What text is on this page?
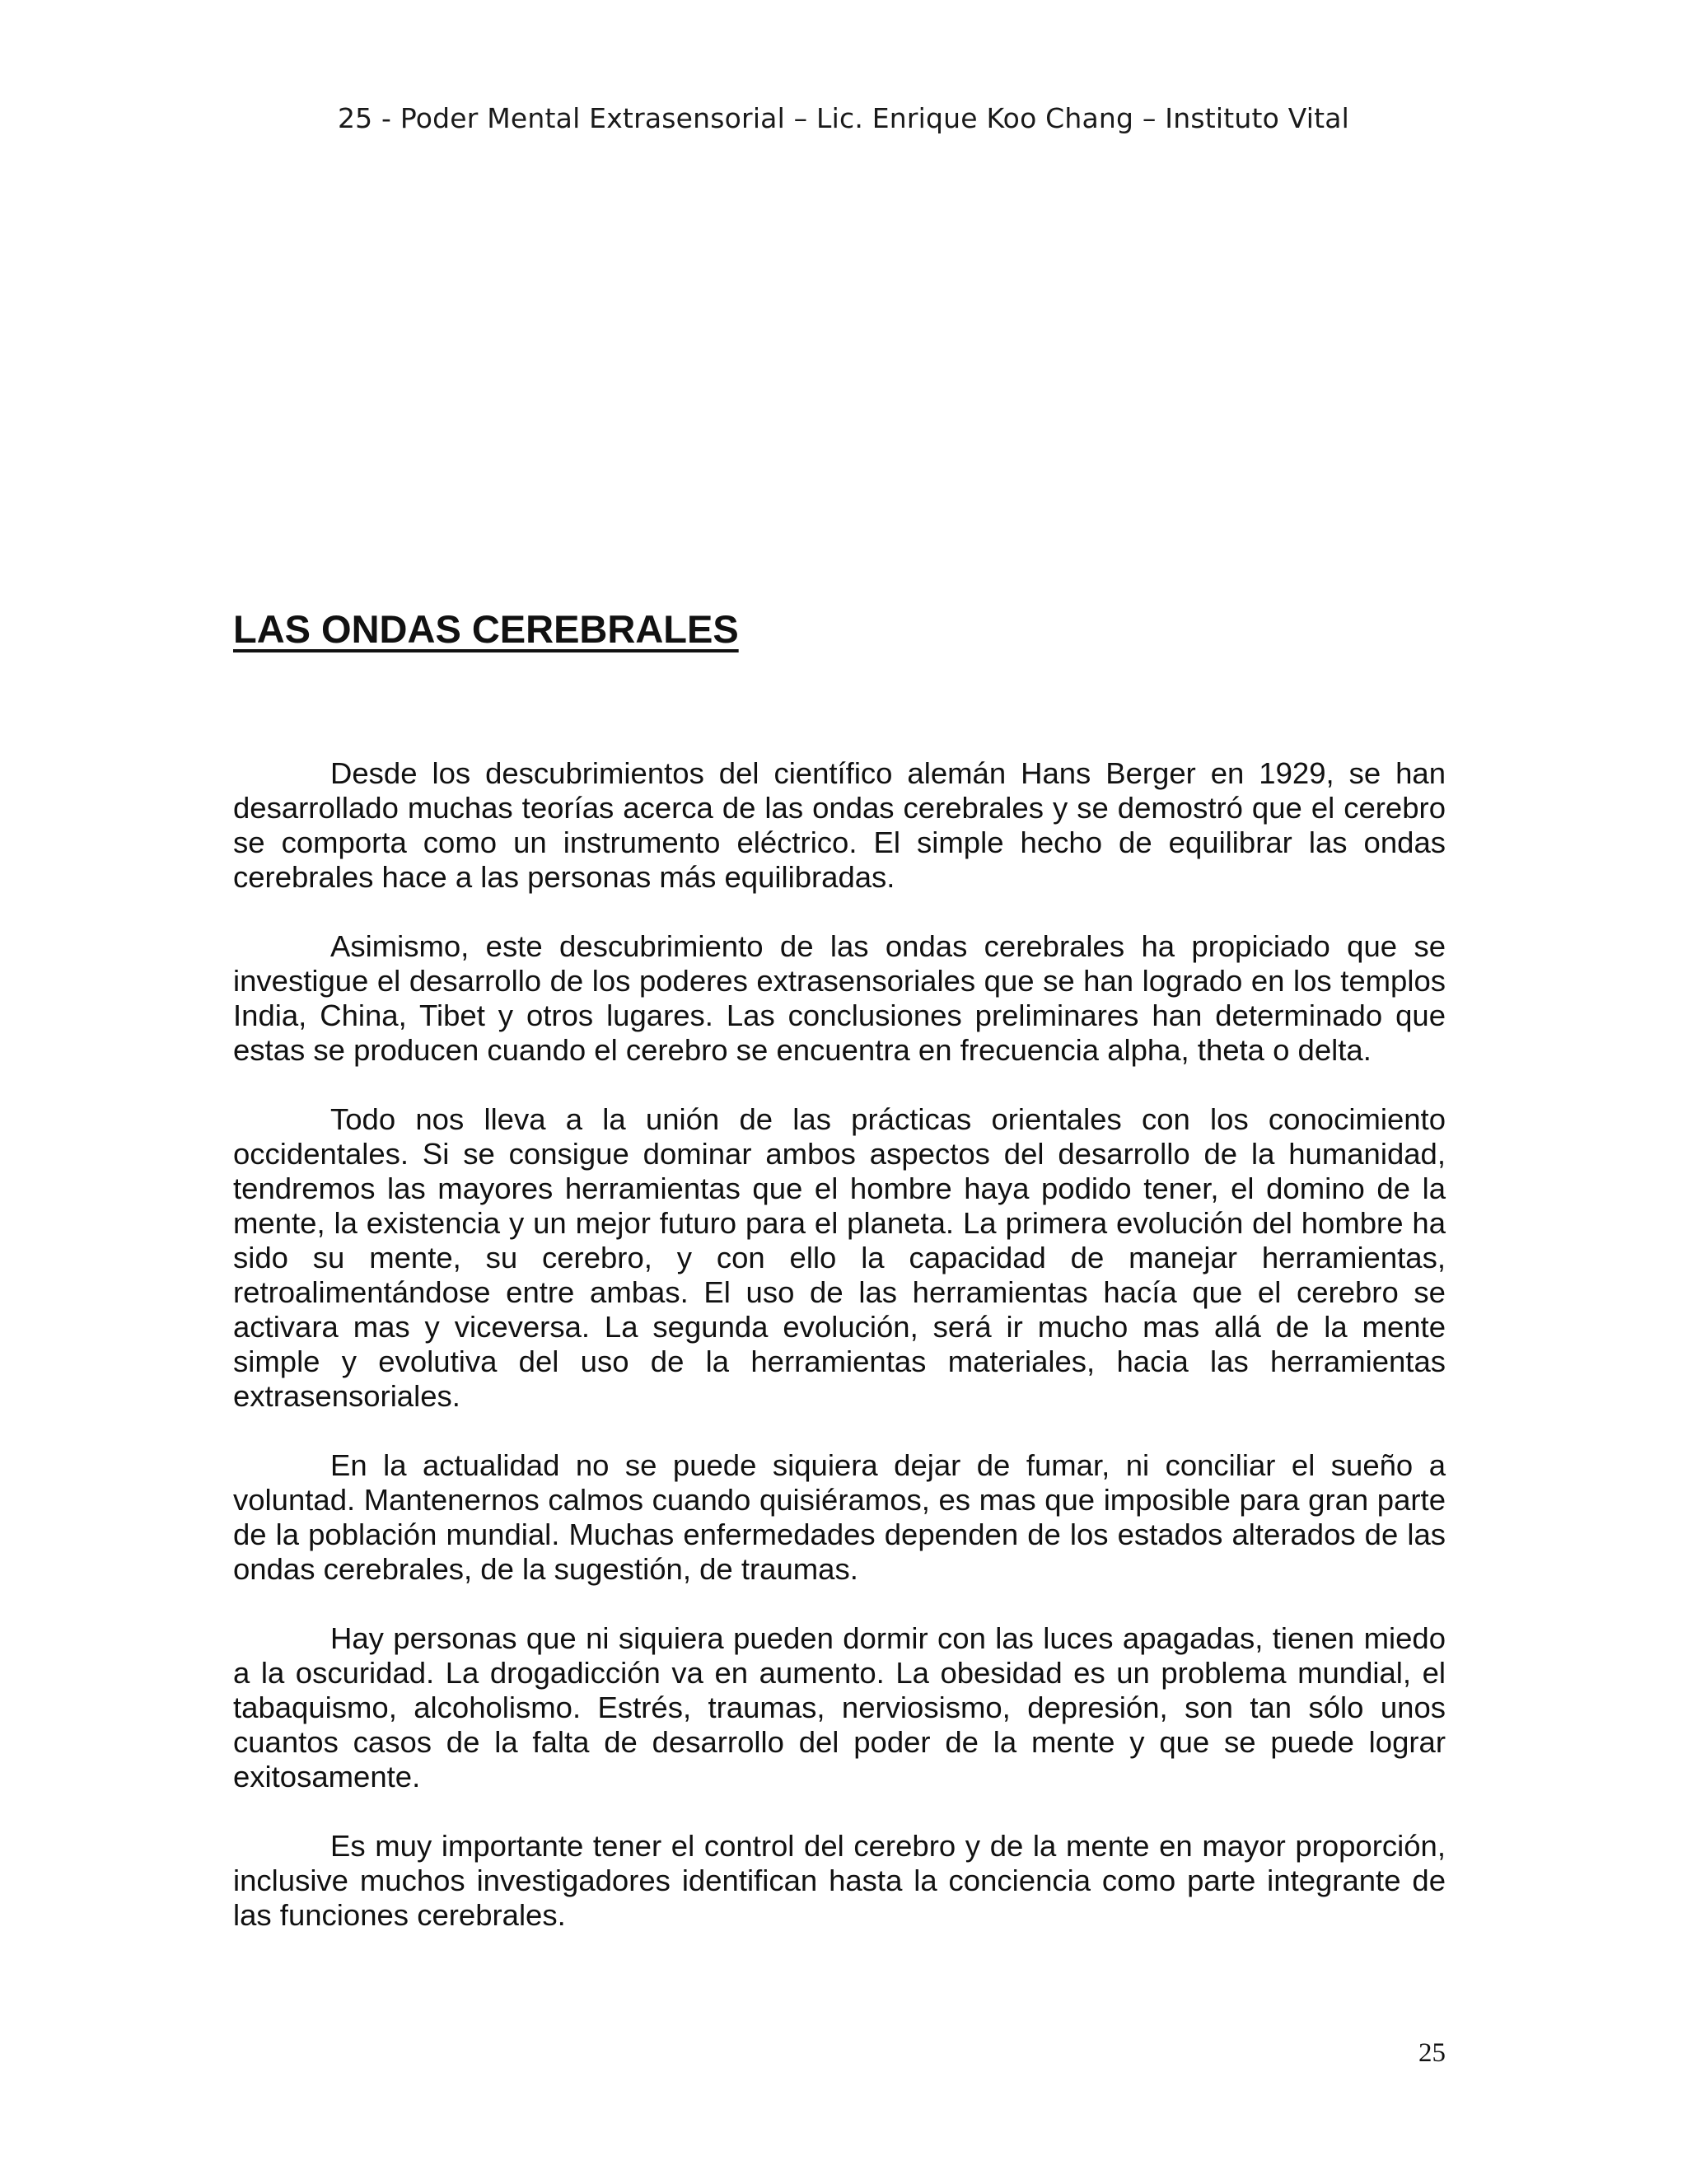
25 - Poder Mental Extrasensorial – Lic. Enrique Koo Chang – Instituto Vital
LAS ONDAS CEREBRALES

Desde los descubrimientos del científico alemán Hans Berger en 1929, se han desarrollado muchas teorías acerca de las ondas cerebrales y se demostró que el cerebro se comporta como un instrumento eléctrico. El simple hecho de equilibrar las ondas cerebrales hace a las personas más equilibradas.

Asimismo, este descubrimiento de las ondas cerebrales ha propiciado que se investigue el desarrollo de los poderes extrasensoriales que se han logrado en los templos India, China, Tibet y otros lugares. Las conclusiones preliminares han determinado que estas se producen cuando el cerebro se encuentra en frecuencia alpha, theta o delta.

Todo nos lleva a la unión de las prácticas orientales con los conocimiento occidentales. Si se consigue dominar ambos aspectos del desarrollo de la humanidad, tendremos las mayores herramientas que el hombre haya podido tener, el domino de la mente, la existencia y un mejor futuro para el planeta. La primera evolución del hombre ha sido su mente, su cerebro, y con ello la capacidad de manejar herramientas, retroalimentándose entre ambas. El uso de las herramientas hacía que el cerebro se activara mas y viceversa. La segunda evolución, será ir mucho mas allá de la mente simple y evolutiva del uso de la herramientas materiales, hacia las herramientas extrasensoriales.

En la actualidad no se puede siquiera dejar de fumar, ni conciliar el sueño a voluntad. Mantenernos calmos cuando quisiéramos, es mas que imposible para gran parte de la población mundial. Muchas enfermedades dependen de los estados alterados de las ondas cerebrales, de la sugestión, de traumas.

Hay personas que ni siquiera pueden dormir con las luces apagadas, tienen miedo a la oscuridad. La drogadicción va en aumento. La obesidad es un problema mundial, el tabaquismo, alcoholismo. Estrés, traumas, nerviosismo, depresión, son tan sólo unos cuantos casos de la falta de desarrollo del poder de la mente y que se puede lograr exitosamente.

Es muy importante tener el control del cerebro y de la mente en mayor proporción, inclusive muchos investigadores identifican hasta la conciencia como parte integrante de las funciones cerebrales.

25
